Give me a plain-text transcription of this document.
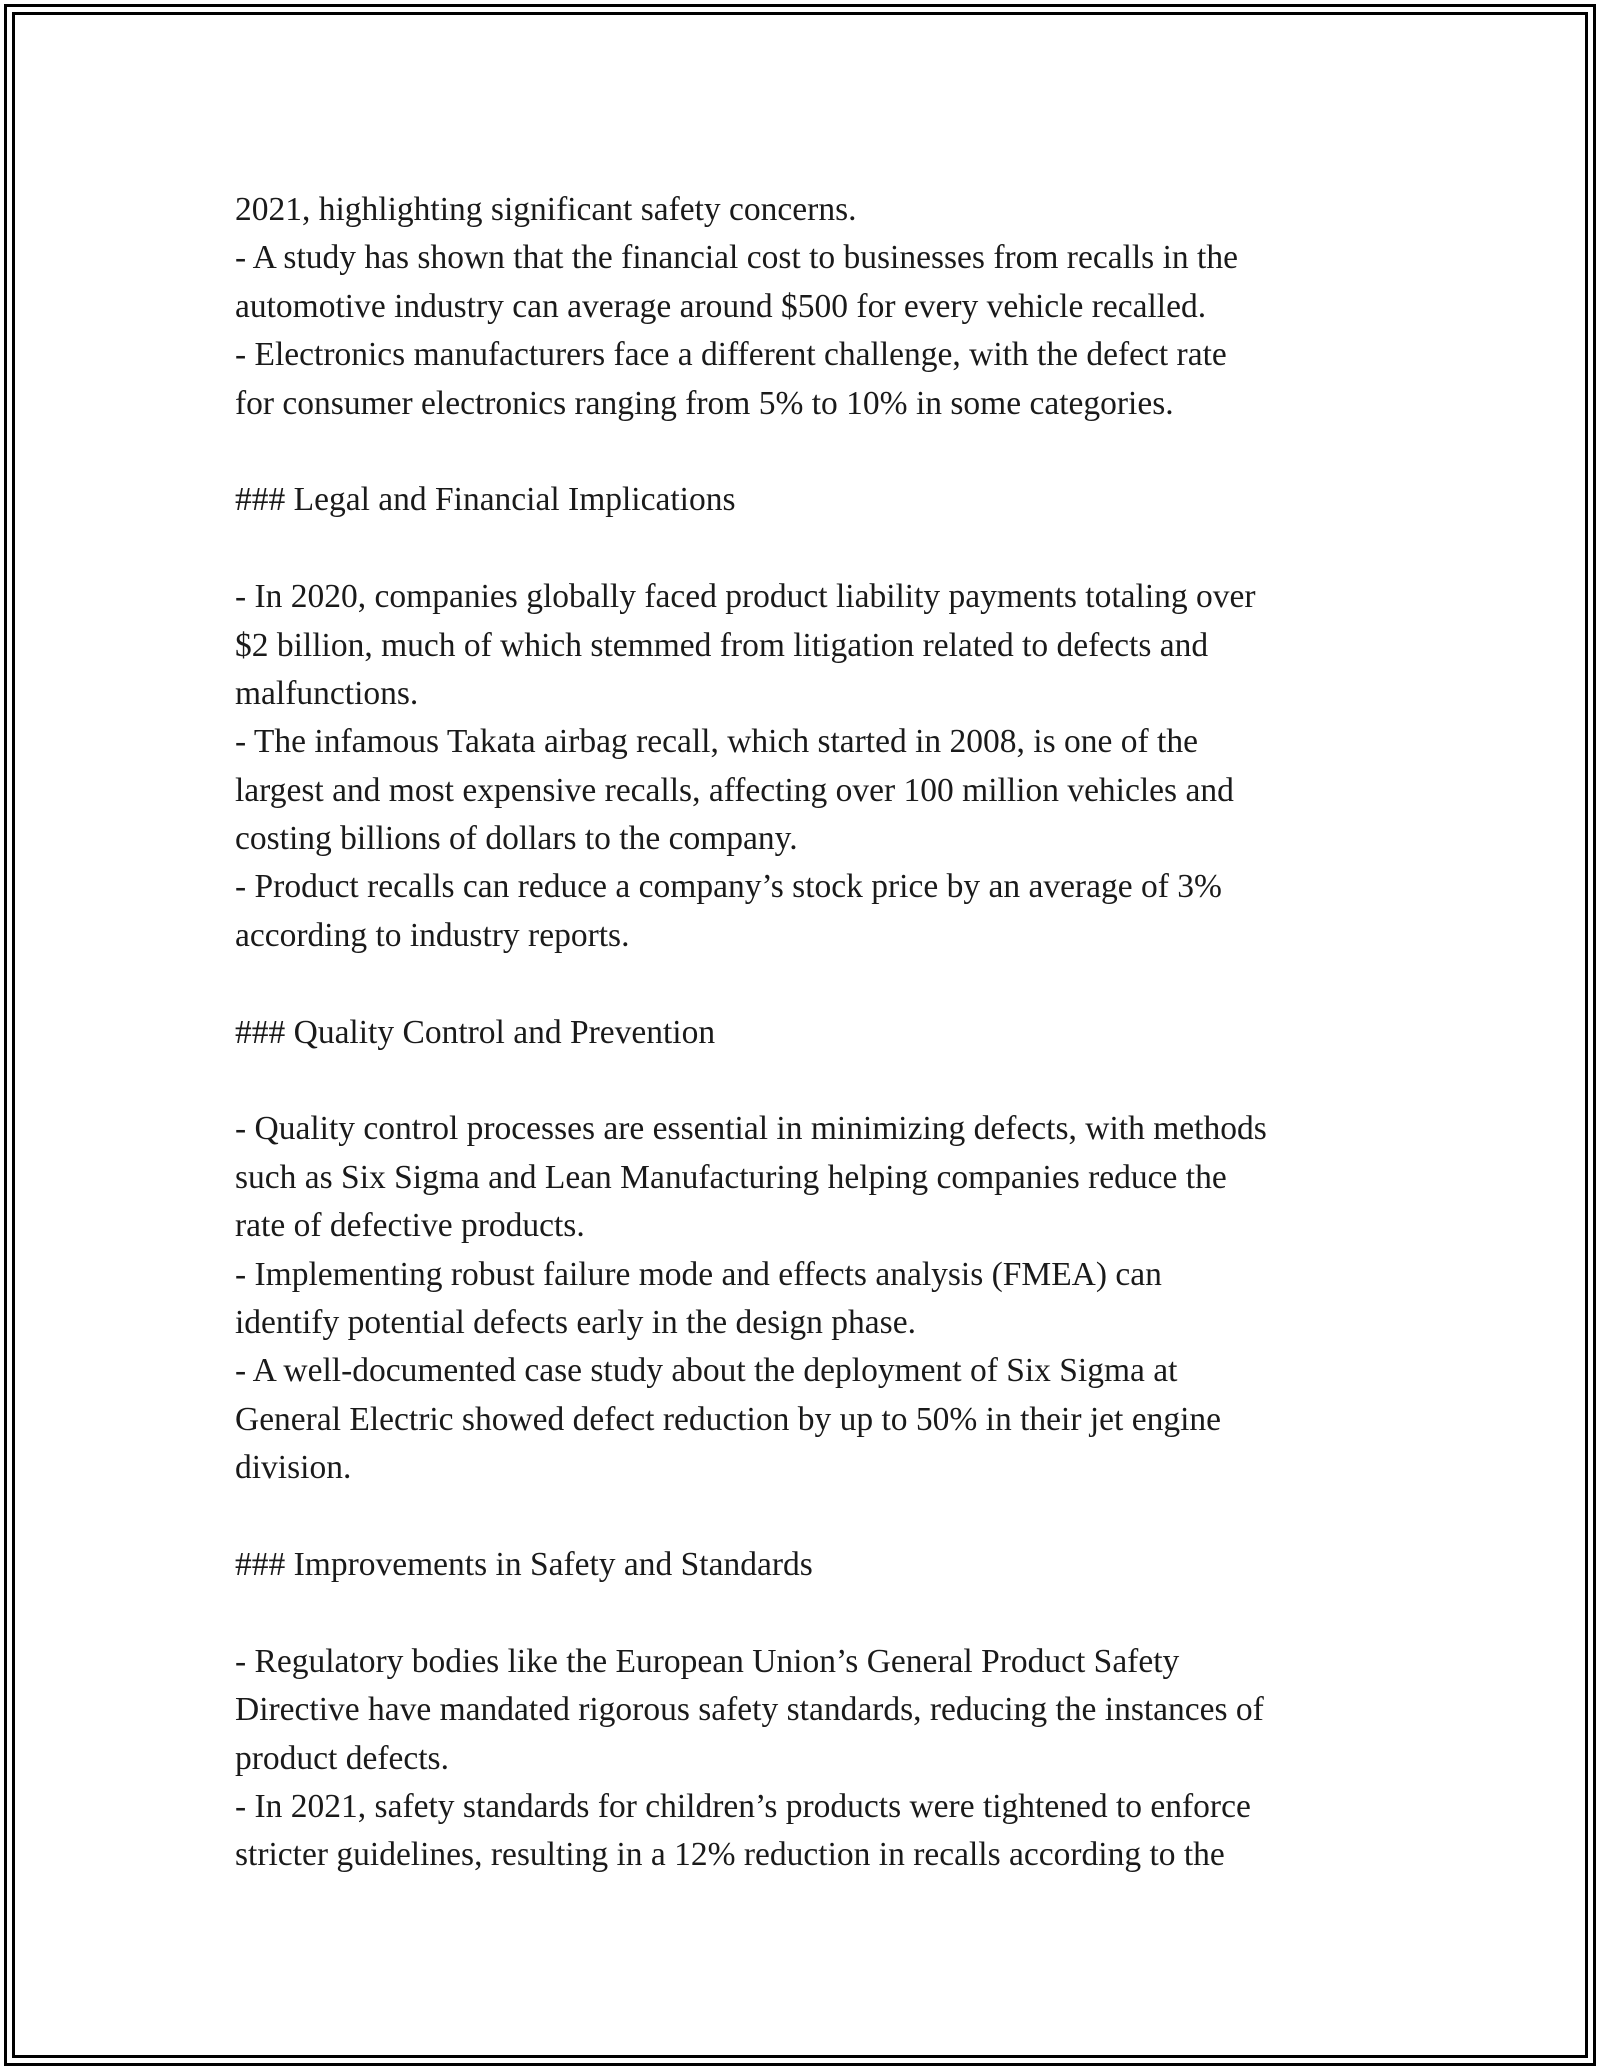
2021, highlighting significant safety concerns.
- A study has shown that the financial cost to businesses from recalls in the
automotive industry can average around $500 for every vehicle recalled.
- Electronics manufacturers face a different challenge, with the defect rate
for consumer electronics ranging from 5% to 10% in some categories.
### Legal and Financial Implications
- In 2020, companies globally faced product liability payments totaling over
$2 billion, much of which stemmed from litigation related to defects and
malfunctions.
- The infamous Takata airbag recall, which started in 2008, is one of the
largest and most expensive recalls, affecting over 100 million vehicles and
costing billions of dollars to the company.
- Product recalls can reduce a company’s stock price by an average of 3%
according to industry reports.
### Quality Control and Prevention
- Quality control processes are essential in minimizing defects, with methods
such as Six Sigma and Lean Manufacturing helping companies reduce the
rate of defective products.
- Implementing robust failure mode and effects analysis (FMEA) can
identify potential defects early in the design phase.
- A well-documented case study about the deployment of Six Sigma at
General Electric showed defect reduction by up to 50% in their jet engine
division.
### Improvements in Safety and Standards
- Regulatory bodies like the European Union’s General Product Safety
Directive have mandated rigorous safety standards, reducing the instances of
product defects.
- In 2021, safety standards for children’s products were tightened to enforce
stricter guidelines, resulting in a 12% reduction in recalls according to the
